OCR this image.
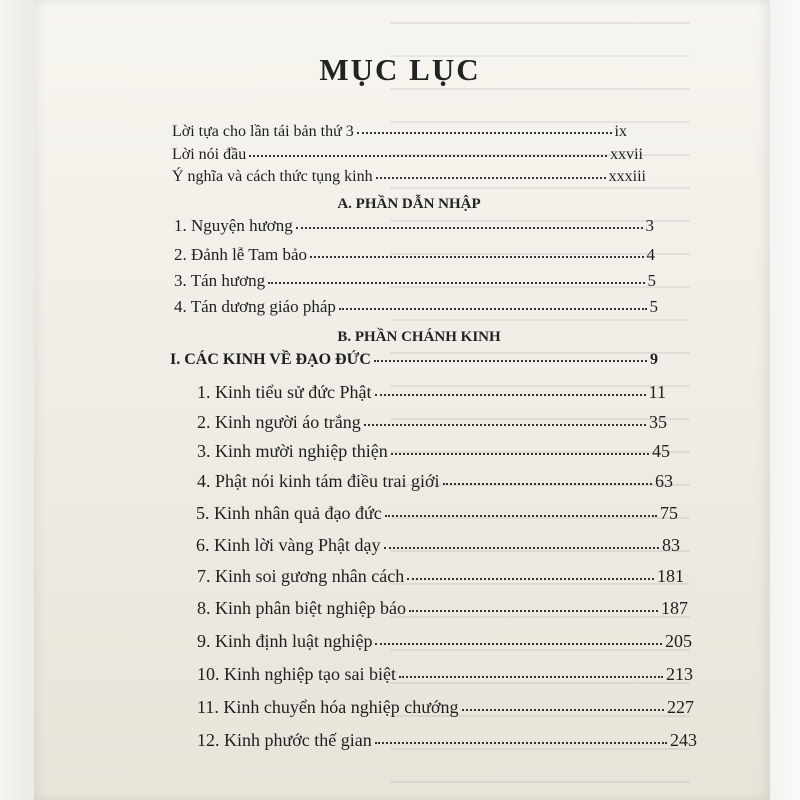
MỤC LỤC
Lời tựa cho lần tái bản thứ 3	ix
Lời nói đầu	xxvii
Ý nghĩa và cách thức tụng kinh	xxxiii
A. PHẦN DẪN NHẬP
1. Nguyện hương	3
2. Đảnh lễ Tam bảo	4
3. Tán hương	5
4. Tán dương giáo pháp	5
B. PHẦN CHÁNH KINH
I. CÁC KINH VỀ ĐẠO ĐỨC	9
1. Kinh tiểu sử đức Phật	11
2. Kinh người áo trắng	35
3. Kinh mười nghiệp thiện	45
4. Phật nói kinh tám điều trai giới	63
5. Kinh nhân quả đạo đức	75
6. Kinh lời vàng Phật dạy	83
7. Kinh soi gương nhân cách	181
8. Kinh phân biệt nghiệp báo	187
9. Kinh định luật nghiệp	205
10. Kinh nghiệp tạo sai biệt	213
11. Kinh chuyển hóa nghiệp chướng	227
12. Kinh phước thế gian	243
